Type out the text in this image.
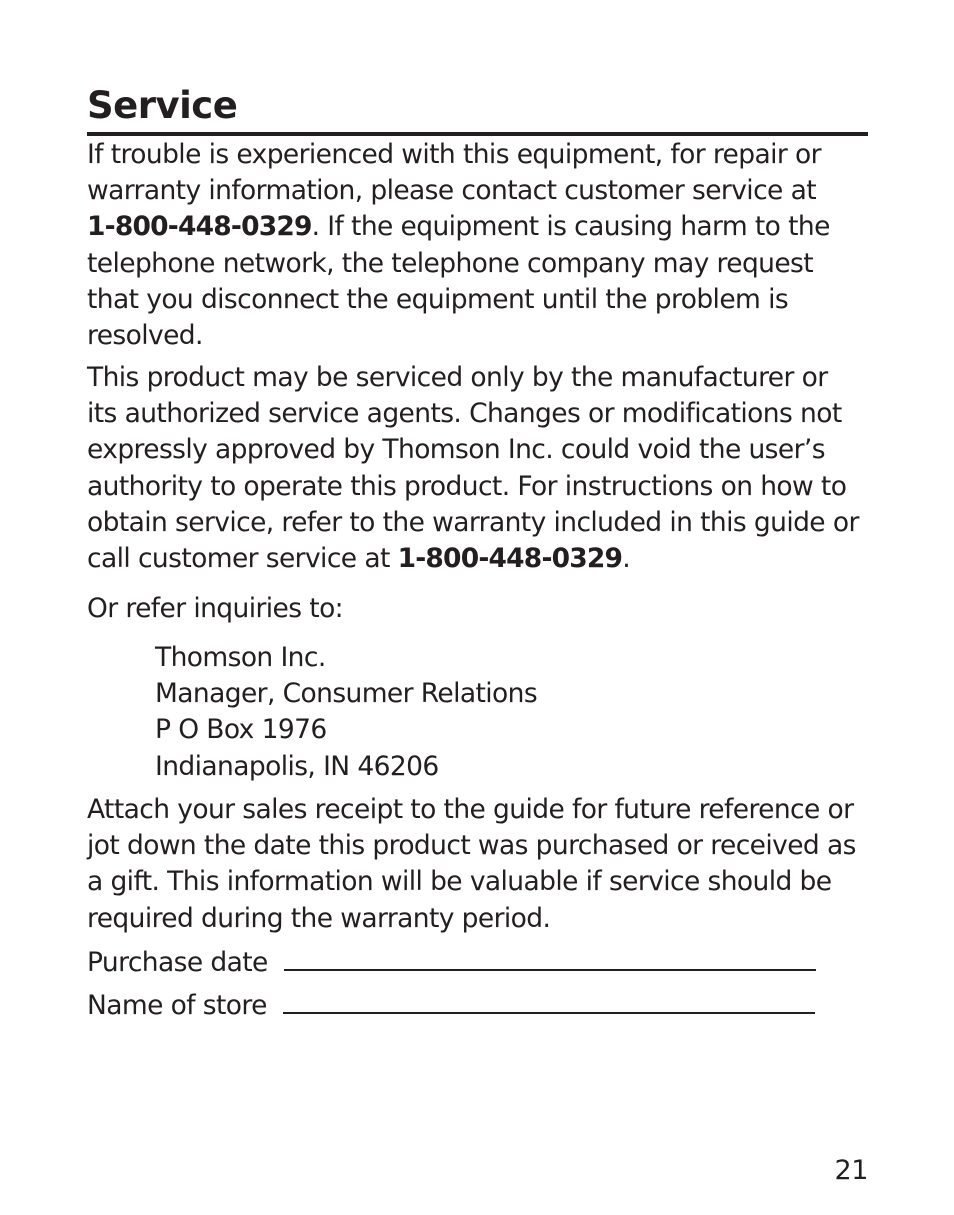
Service
If trouble is experienced with this equipment, for repair or
warranty information, please contact customer service at
1-800-448-0329. If the equipment is causing harm to the
telephone network, the telephone company may request
that you disconnect the equipment until the problem is
resolved.
This product may be serviced only by the manufacturer or
its authorized service agents. Changes or modifications not
expressly approved by Thomson Inc. could void the user’s
authority to operate this product. For instructions on how to
obtain service, refer to the warranty included in this guide or
call customer service at 1-800-448-0329.
Or refer inquiries to:
Thomson Inc.
Manager, Consumer Relations
P O Box 1976
Indianapolis, IN 46206
Attach your sales receipt to the guide for future reference or
jot down the date this product was purchased or received as
a gift. This information will be valuable if service should be
required during the warranty period.
Purchase date
Name of store
21
